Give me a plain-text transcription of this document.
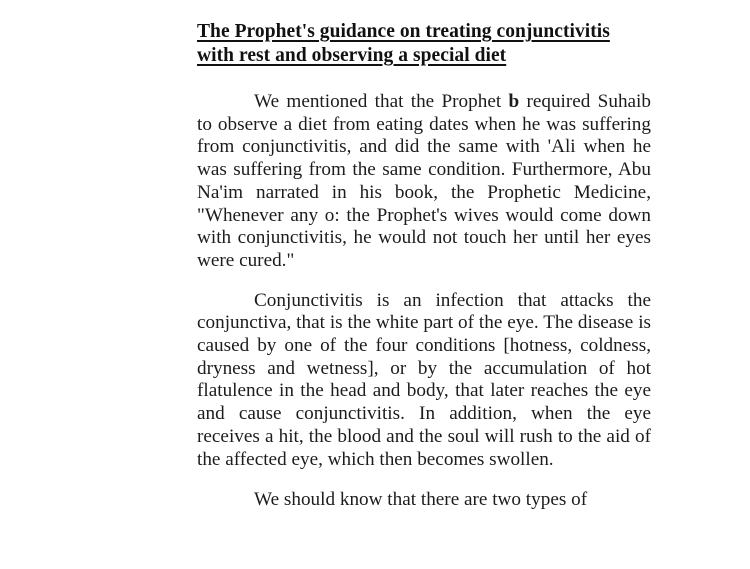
The Prophet's guidance on treating conjunctivitis with rest and observing a special diet

We mentioned that the Prophet b required Suhaib to observe a diet from eating dates when he was suffering from conjunctivitis, and did the same with 'Ali when he was suffering from the same condition. Furthermore, Abu Na'im narrated in his book, the Prophetic Medicine, "Whenever any o: the Prophet's wives would come down with conjunctivitis, he would not touch her until her eyes were cured."

Conjunctivitis is an infection that attacks the conjunctiva, that is the white part of the eye. The disease is caused by one of the four conditions [hotness, coldness, dryness and wetness], or by the accumulation of hot flatulence in the head and body, that later reaches the eye and cause conjunctivitis. In addition, when the eye receives a hit, the blood and the soul will rush to the aid of the affected eye, which then becomes swollen.

We should know that there are two types of
